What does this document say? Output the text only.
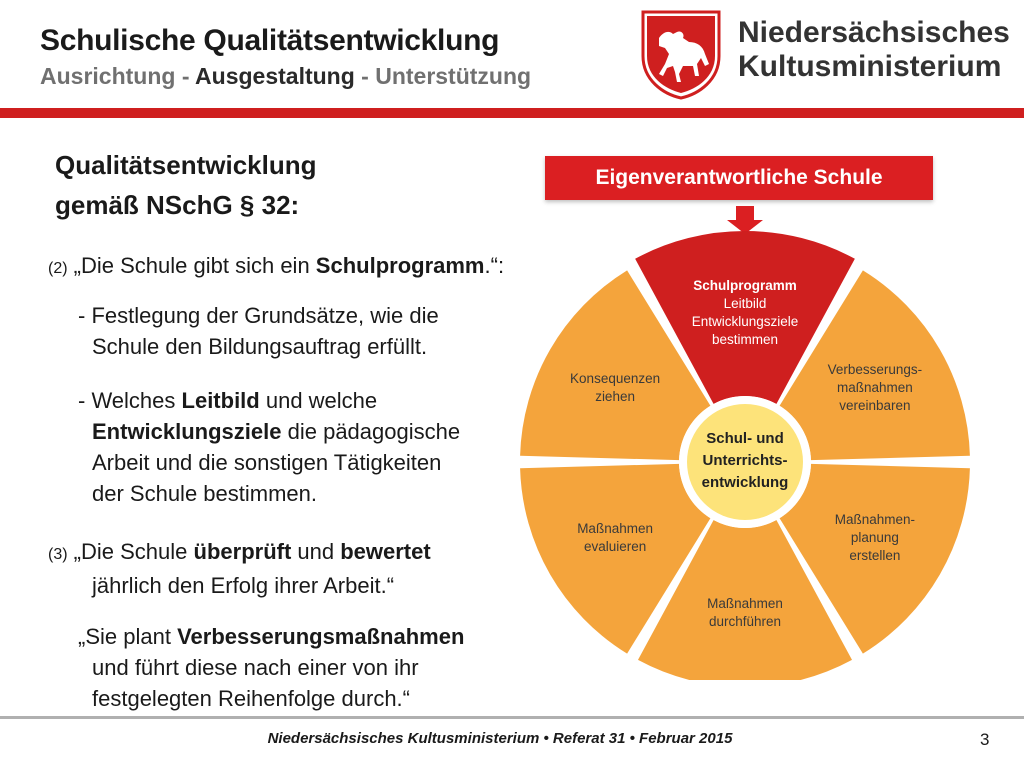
Schulische Qualitätsentwicklung
Ausrichtung - Ausgestaltung - Unterstützung
Niedersächsisches
Kultusministerium
Qualitätsentwicklung
gemäß NSchG § 32:
(2) „Die Schule gibt sich ein Schulprogramm.“:
- Festlegung der Grundsätze, wie die
Schule den Bildungsauftrag erfüllt.
- Welches Leitbild und welche
Entwicklungsziele die pädagogische
Arbeit und die sonstigen Tätigkeiten
der Schule bestimmen.
(3) „Die Schule überprüft und bewertet
jährlich den Erfolg ihrer Arbeit.“
„Sie plant Verbesserungsmaßnahmen
und führt diese nach einer von ihr
festgelegten Reihenfolge durch.“
Eigenverantwortliche Schule
Schulprogramm
Leitbild
Entwicklungsziele
bestimmen
Verbesserungs-
maßnahmen
vereinbaren
Maßnahmen-
planung
erstellen
Maßnahmen
durchführen
Maßnahmen
evaluieren
Konsequenzen
ziehen
Schul- und
Unterrichts-
entwicklung
Niedersächsisches Kultusministerium • Referat 31 • Februar 2015	3
